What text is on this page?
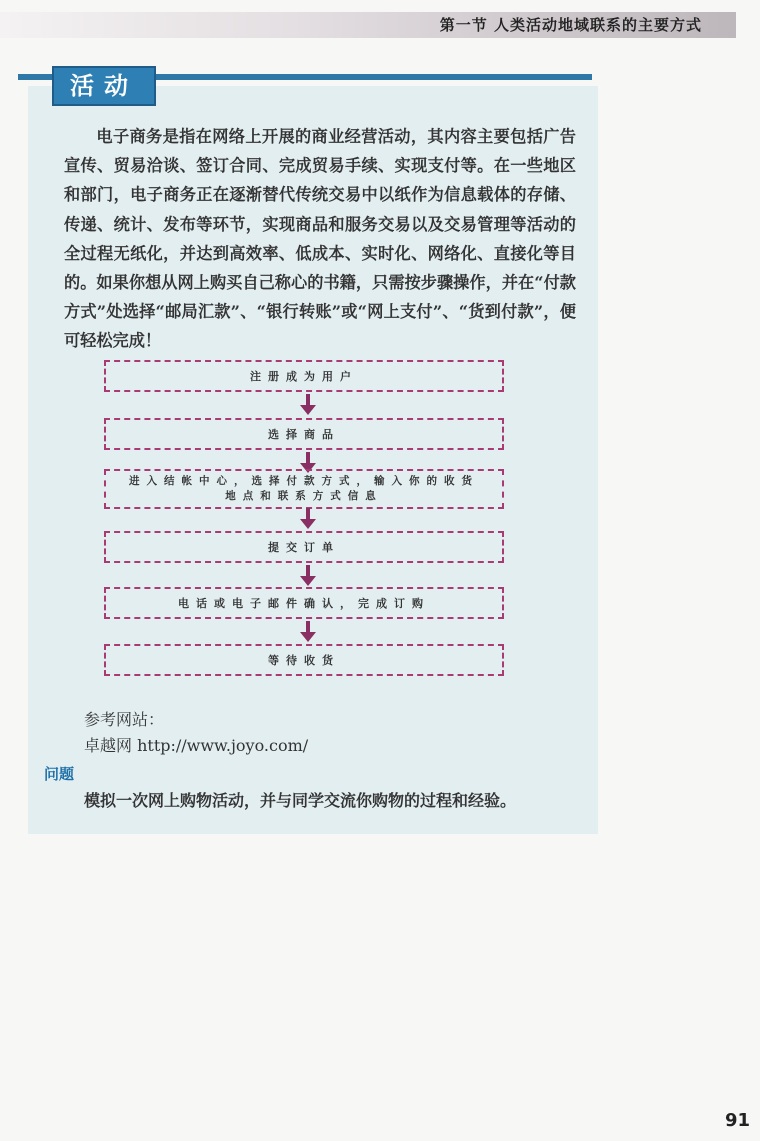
第一节 人类活动地域联系的主要方式
活动

电子商务是指在网络上开展的商业经营活动，其内容主要包括广告宣传、贸易洽谈、签订合同、完成贸易手续、实现支付等。在一些地区和部门，电子商务正在逐渐替代传统交易中以纸作为信息载体的存储、传递、统计、发布等环节，实现商品和服务交易以及交易管理等活动的全过程无纸化，并达到高效率、低成本、实时化、网络化、直接化等目的。如果你想从网上购买自己称心的书籍，只需按步骤操作，并在“付款方式”处选择“邮局汇款”、“银行转账”或“网上支付”、“货到付款”，便可轻松完成！

注册成为用户
选择商品
进入结帐中心，选择付款方式，输入你的收货地点和联系方式信息
提交订单
电话或电子邮件确认，完成订购
等待收货

参考网站：

卓越网 http://www.joyo.com/

问题

模拟一次网上购物活动，并与同学交流你购物的过程和经验。

91
